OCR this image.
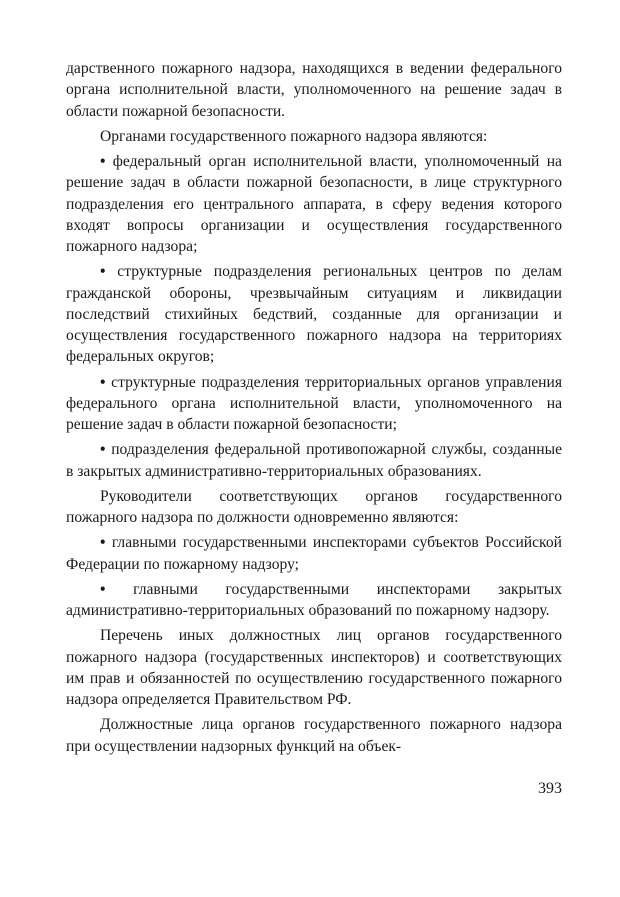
дарственного пожарного надзора, находящихся в ведении федерального органа исполнительной власти, уполномоченного на решение задач в области пожарной безопасности.

Органами государственного пожарного надзора являются:

• федеральный орган исполнительной власти, уполномоченный на решение задач в области пожарной безопасности, в лице структурного подразделения его центрального аппарата, в сферу ведения которого входят вопросы организации и осуществления государственного пожарного надзора;

• структурные подразделения региональных центров по делам гражданской обороны, чрезвычайным ситуациям и ликвидации последствий стихийных бедствий, созданные для организации и осуществления государственного пожарного надзора на территориях федеральных округов;

• структурные подразделения территориальных органов управления федерального органа исполнительной власти, уполномоченного на решение задач в области пожарной безопасности;

• подразделения федеральной противопожарной службы, созданные в закрытых административно-территориальных образованиях.

Руководители соответствующих органов государственного пожарного надзора по должности одновременно являются:

• главными государственными инспекторами субъектов Российской Федерации по пожарному надзору;

• главными государственными инспекторами закрытых административно-территориальных образований по пожарному надзору.

Перечень иных должностных лиц органов государственного пожарного надзора (государственных инспекторов) и соответствующих им прав и обязанностей по осуществлению государственного пожарного надзора определяется Правительством РФ.

Должностные лица органов государственного пожарного надзора при осуществлении надзорных функций на объек-

393
